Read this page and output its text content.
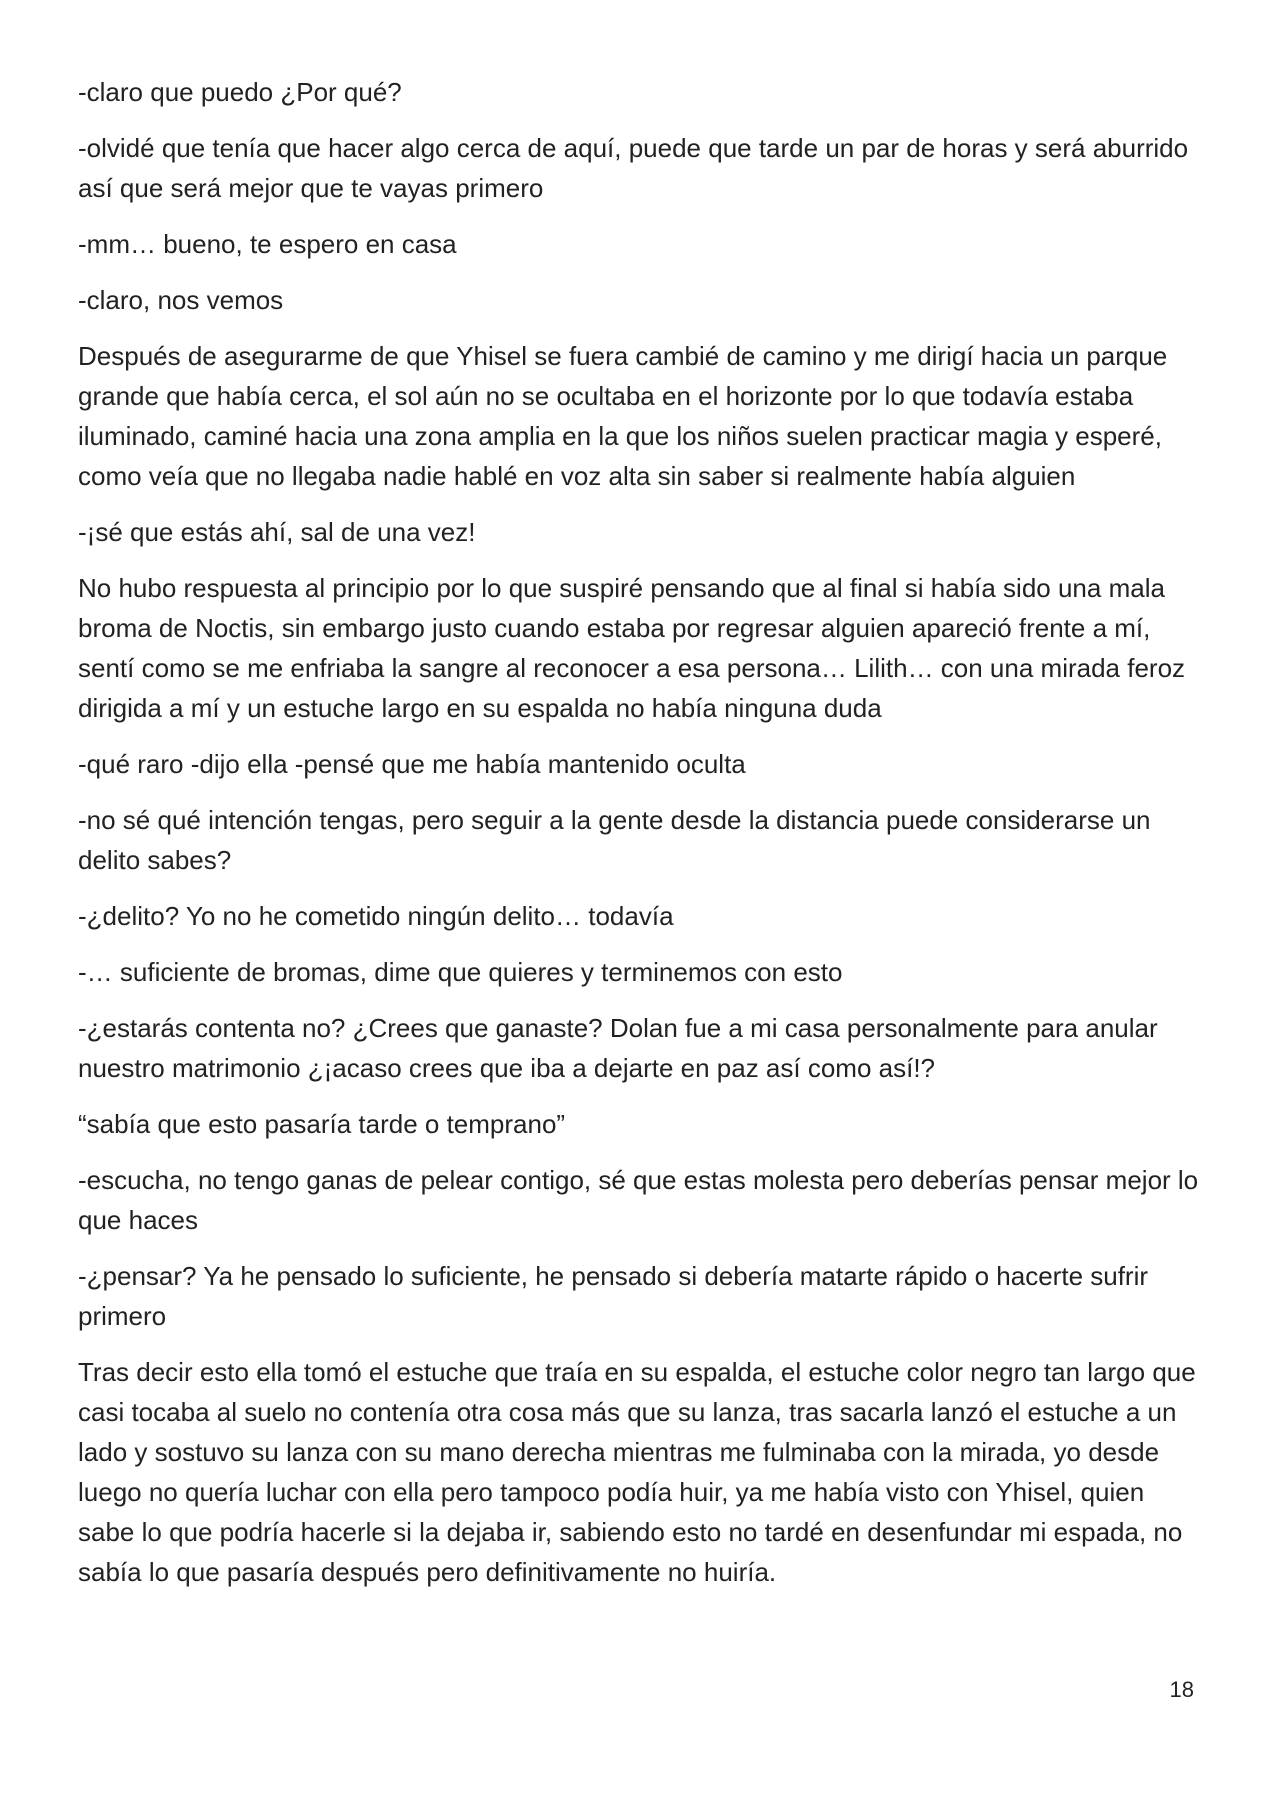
-claro que puedo ¿Por qué?

-olvidé que tenía que hacer algo cerca de aquí, puede que tarde un par de horas y será aburrido así que será mejor que te vayas primero

-mm… bueno, te espero en casa

-claro, nos vemos

Después de asegurarme de que Yhisel se fuera cambié de camino y me dirigí hacia un parque grande que había cerca, el sol aún no se ocultaba en el horizonte por lo que todavía estaba iluminado, caminé hacia una zona amplia en la que los niños suelen practicar magia y esperé, como veía que no llegaba nadie hablé en voz alta sin saber si realmente había alguien

-¡sé que estás ahí, sal de una vez!

No hubo respuesta al principio por lo que suspiré pensando que al final si había sido una mala broma de Noctis, sin embargo justo cuando estaba por regresar alguien apareció frente a mí, sentí como se me enfriaba la sangre al reconocer a esa persona… Lilith… con una mirada feroz dirigida a mí y un estuche largo en su espalda no había ninguna duda

-qué raro -dijo ella -pensé que me había mantenido oculta

-no sé qué intención tengas, pero seguir a la gente desde la distancia puede considerarse un delito sabes?

-¿delito? Yo no he cometido ningún delito… todavía

-… suficiente de bromas, dime que quieres y terminemos con esto

-¿estarás contenta no? ¿Crees que ganaste? Dolan fue a mi casa personalmente para anular nuestro matrimonio ¿¡acaso crees que iba a dejarte en paz así como así!?

“sabía que esto pasaría tarde o temprano”

-escucha, no tengo ganas de pelear contigo, sé que estas molesta pero deberías pensar mejor lo que haces

-¿pensar? Ya he pensado lo suficiente, he pensado si debería matarte rápido o hacerte sufrir primero

Tras decir esto ella tomó el estuche que traía en su espalda, el estuche color negro tan largo que casi tocaba al suelo no contenía otra cosa más que su lanza, tras sacarla lanzó el estuche a un lado y sostuvo su lanza con su mano derecha mientras me fulminaba con la mirada, yo desde luego no quería luchar con ella pero tampoco podía huir, ya me había visto con Yhisel, quien sabe lo que podría hacerle si la dejaba ir, sabiendo esto no tardé en desenfundar mi espada, no sabía lo que pasaría después pero definitivamente no huiría.

18
